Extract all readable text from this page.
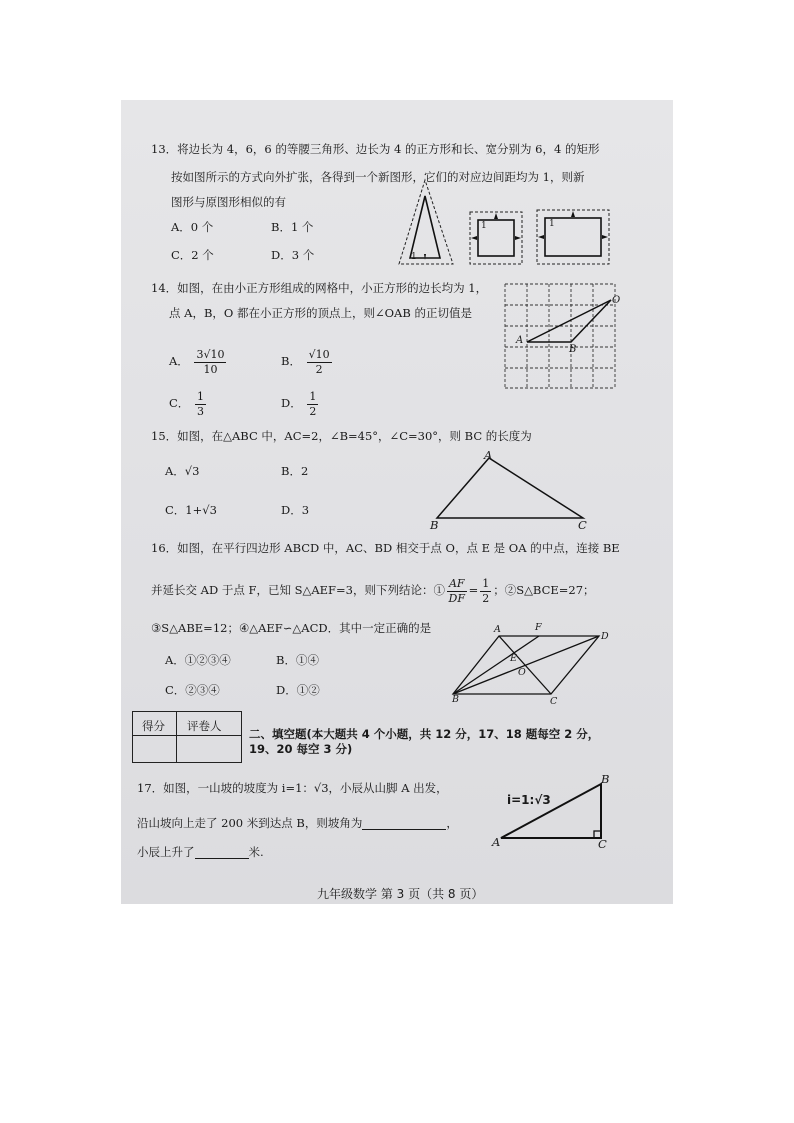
13．将边长为 4，6，6 的等腰三角形、边长为 4 的正方形和长、宽分别为 6，4 的矩形
按如图所示的方式向外扩张，各得到一个新图形，它们的对应边间距均为 1，则新
图形与原图形相似的有
A．0 个	B．1 个
C．2 个	D．3 个	1
1	1
14．如图，在由小正方形组成的网格中，小正方形的边长均为 1，
点 A，B，O 都在小正方形的顶点上，则∠OAB 的正切值是
A． $\frac{3√10}{10}$	B． $\frac{√10}{2}$
C． $\frac{1}{3}$	D． $\frac{1}{2}$
A
B
O
15．如图，在△ABC 中，AC=2，∠B=45°，∠C=30°，则 BC 的长度为
A．√3	B．2
C．1+√3	D．3
A
B	C
16．如图，在平行四边形 ABCD 中，AC、BD 相交于点 O，点 E 是 OA 的中点，连接 BE
并延长交 AD 于点 F，已知 S△AEF=3，则下列结论：① $\frac{AF}{DF} = \frac{1}{2}$ ；②S△BCE=27；
③S△ABE=12；④△AEF∽△ACD．其中一定正确的是
A．①②③④	B．①④
C．②③④	D．①②
A	F
D
E
O
B	C
得分 评卷人
二、填空题(本大题共 4 个小题，共 12 分，17、18 题每空 2 分，
19、20 每空 3 分)
17．如图，一山坡的坡度为 i=1：√3，小辰从山脚 A 出发，
沿山坡向上走了 200 米到达点 B，则坡角为	，
小辰上升了	米.
i=1:√3
A
B
C
九年级数学 第 3 页（共 8 页）
